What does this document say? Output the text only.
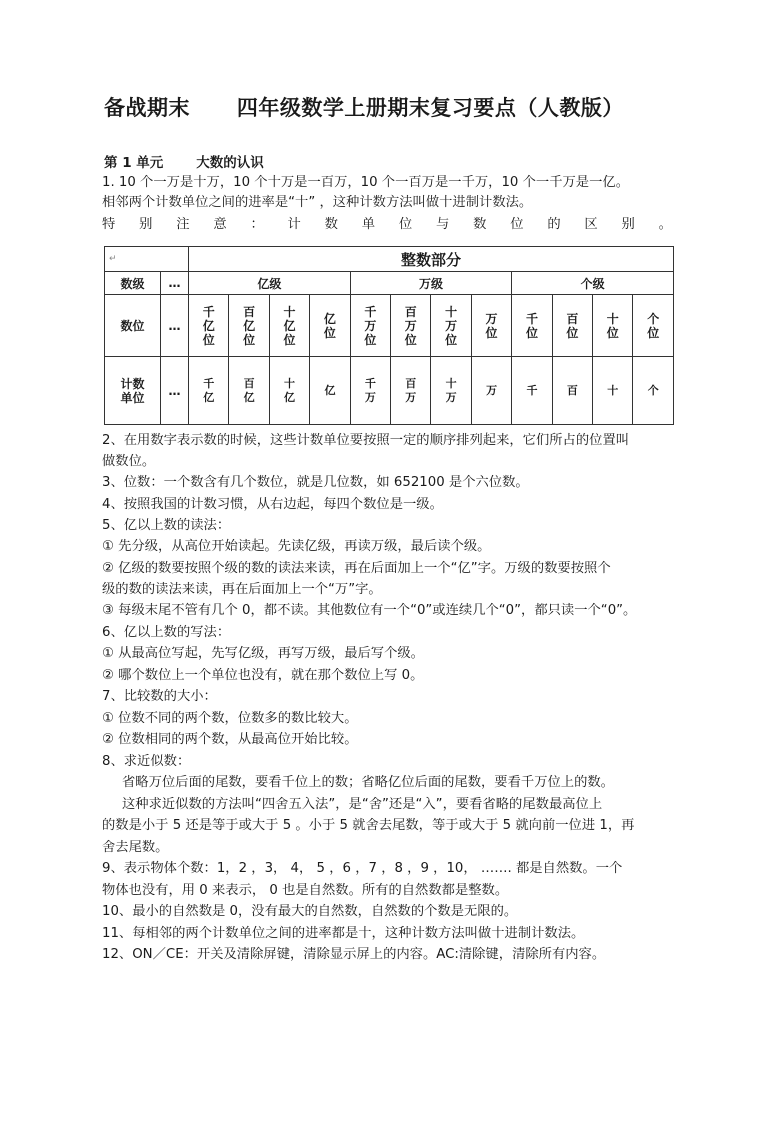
备战期末      四年级数学上册期末复习要点（人教版）
第 1 单元       大数的认识
1. 10 个一万是十万，10 个十万是一百万，10 个一百万是一千万，10 个一千万是一亿。
相邻两个计数单位之间的进率是“十” ，这种计数方法叫做十进制计数法。
特 别 注 意 ： 计 数 单 位 与 数 位 的 区 别 。
↵		整数部分											
数级	…	亿级				万级				个级			
数位	…	千亿位	百亿位	十亿位	亿位	千万位	百万位	十万位	万位	千位	百位	十位	个位
计数单位	…	千亿	百亿	十亿	亿	千万	百万	十万	万	千	百	十	个
2、在用数字表示数的时候，这些计数单位要按照一定的顺序排列起来，它们所占的位置叫
做数位。
3、位数：一个数含有几个数位，就是几位数，如 652100 是个六位数。
4、按照我国的计数习惯，从右边起，每四个数位是一级。
5、亿以上数的读法：
① 先分级，从高位开始读起。先读亿级，再读万级，最后读个级。
② 亿级的数要按照个级的数的读法来读，再在后面加上一个“亿”字。万级的数要按照个
级的数的读法来读，再在后面加上一个“万”字。
③ 每级末尾不管有几个 0，都不读。其他数位有一个“0”或连续几个“0”，都只读一个“0”。
6、亿以上数的写法：
① 从最高位写起，先写亿级，再写万级，最后写个级。
② 哪个数位上一个单位也没有，就在那个数位上写 0。
7、比较数的大小：
① 位数不同的两个数，位数多的数比较大。
② 位数相同的两个数，从最高位开始比较。
8、求近似数：
省略万位后面的尾数，要看千位上的数；省略亿位后面的尾数，要看千万位上的数。
这种求近似数的方法叫“四舍五入法”，是“舍”还是“入”，要看省略的尾数最高位上
的数是小于 5 还是等于或大于 5 。小于 5 就舍去尾数，等于或大于 5 就向前一位进 1，再
舍去尾数。
9、表示物体个数：1，2 ，3， 4， 5 ，6 ，7 ，8 ，9 ，10， ……. 都是自然数。一个
物体也没有，用 0 来表示， 0 也是自然数。所有的自然数都是整数。
10、最小的自然数是 0，没有最大的自然数，自然数的个数是无限的。
11、每相邻的两个计数单位之间的进率都是十，这种计数方法叫做十进制计数法。
12、ON／CE：开关及清除屏键，清除显示屏上的内容。AC:清除键，清除所有内容。
